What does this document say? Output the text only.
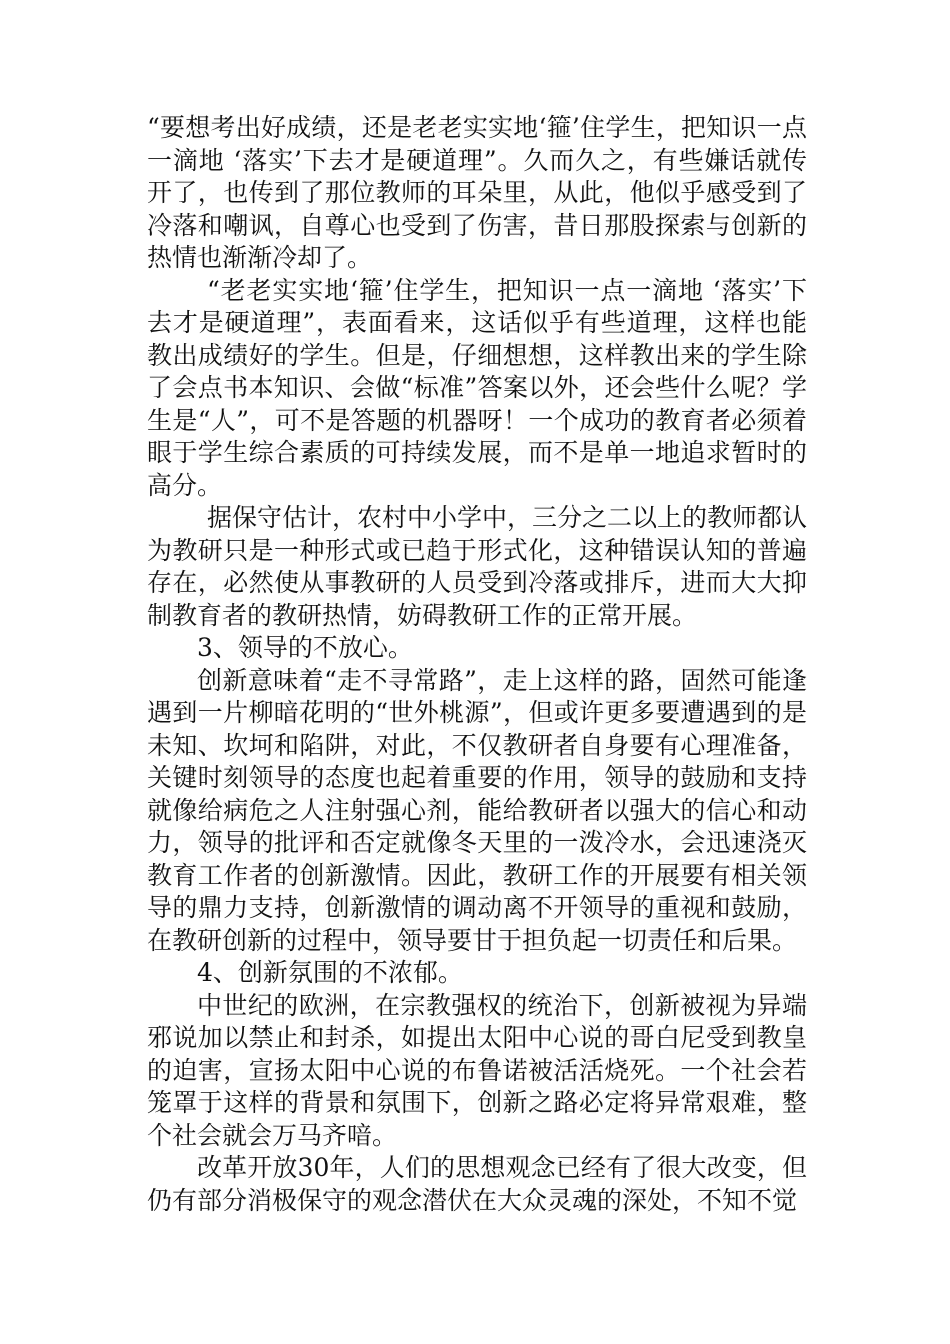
“要想考出好成绩，还是老老实实地‘箍’住学生，把知识一点一滴地 ‘落实’下去才是硬道理”。久而久之，有些嫌话就传开了，也传到了那位教师的耳朵里，从此，他似乎感受到了冷落和嘲讽，自尊心也受到了伤害，昔日那股探索与创新的热情也渐渐冷却了。

“老老实实地‘箍’住学生，把知识一点一滴地 ‘落实’下去才是硬道理”，表面看来，这话似乎有些道理，这样也能教出成绩好的学生。但是，仔细想想，这样教出来的学生除了会点书本知识、会做“标准”答案以外，还会些什么呢？学生是“人”，可不是答题的机器呀！一个成功的教育者必须着眼于学生综合素质的可持续发展，而不是单一地追求暂时的高分。

据保守估计，农村中小学中，三分之二以上的教师都认为教研只是一种形式或已趋于形式化，这种错误认知的普遍存在，必然使从事教研的人员受到冷落或排斥，进而大大抑制教育者的教研热情，妨碍教研工作的正常开展。

3、领导的不放心。

创新意味着“走不寻常路”，走上这样的路，固然可能逢遇到一片柳暗花明的“世外桃源”，但或许更多要遭遇到的是未知、坎坷和陷阱，对此，不仅教研者自身要有心理准备，关键时刻领导的态度也起着重要的作用，领导的鼓励和支持就像给病危之人注射强心剂，能给教研者以强大的信心和动力，领导的批评和否定就像冬天里的一泼冷水，会迅速浇灭教育工作者的创新激情。因此，教研工作的开展要有相关领导的鼎力支持，创新激情的调动离不开领导的重视和鼓励，在教研创新的过程中，领导要甘于担负起一切责任和后果。

4、创新氛围的不浓郁。

中世纪的欧洲，在宗教强权的统治下，创新被视为异端邪说加以禁止和封杀，如提出太阳中心说的哥白尼受到教皇的迫害，宣扬太阳中心说的布鲁诺被活活烧死。一个社会若笼罩于这样的背景和氛围下，创新之路必定将异常艰难，整个社会就会万马齐喑。

改革开放30年，人们的思想观念已经有了很大改变，但仍有部分消极保守的观念潜伏在大众灵魂的深处，不知不觉
